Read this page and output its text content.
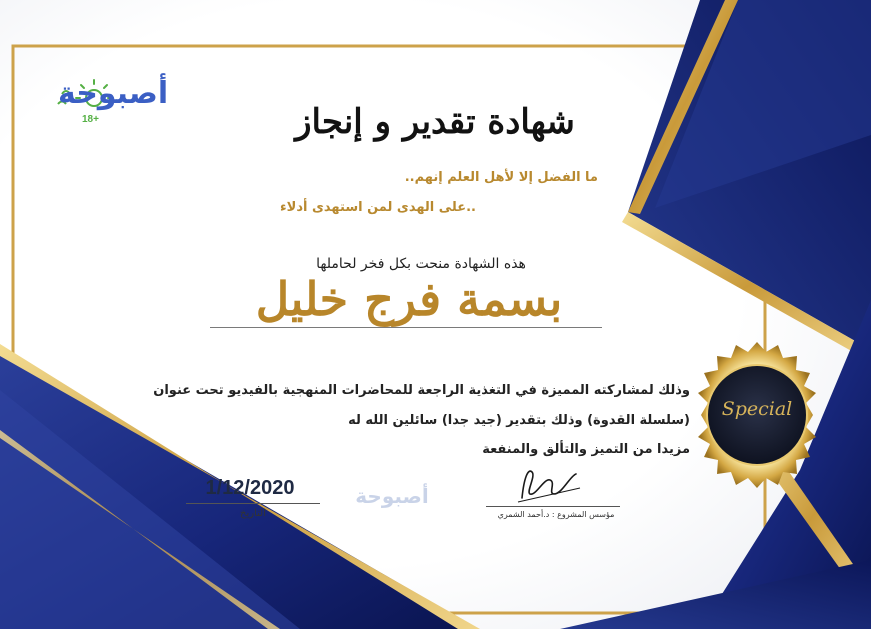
أصبوحة
18+	شهادة تقدير و إنجاز
ما الفضل إلا لأهل العلم إنهم..
..على الهدى لمن استهدى أدلاء
هذه الشهادة منحت بكل فخر لحاملها
بسمة فرج خليل
وذلك لمشاركته المميزة في التغذية الراجعة للمحاضرات المنهجية بالفيديو تحت عنوان
(سلسلة القدوة) وذلك بتقدير (جيد جدا) سائلين الله له
مزيدا من التميز والتألق والمنفعة
1/12/2020
التاريخ
أصبوحة
مؤسس المشروع : د.أحمد الشمري
Special
